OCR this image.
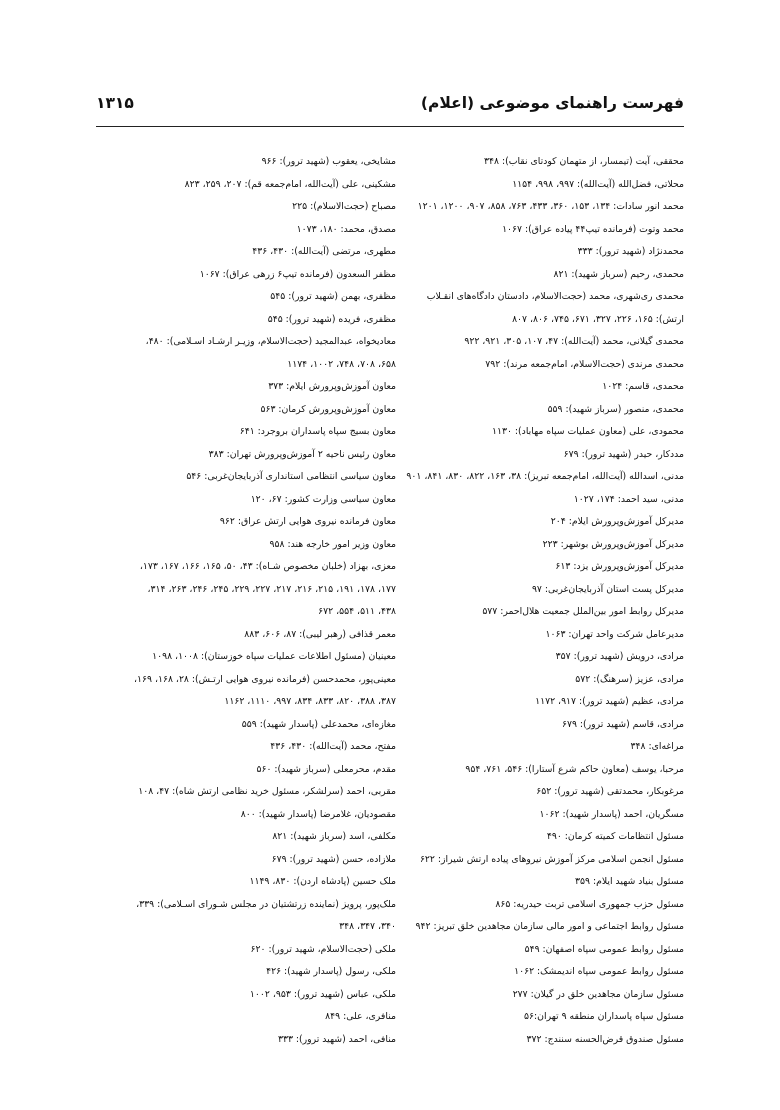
فهرست راهنمای موضوعی (اعلام)
۱۳۱۵
محققی، آیت (تیمسار، از متهمان کودتای نقاب): ۳۴۸
محلاتی، فضل‌الله (آیت‌الله): ۹۹۷، ۹۹۸، ۱۱۵۴
محمد انور سادات: ۱۳۴، ۱۵۳، ۳۶۰، ۴۳۳، ۷۶۳، ۸۵۸، ۹۰۷، ۱۲۰۰، ۱۲۰۱
محمد وتوت (فرمانده تیپ۴۴ پیاده عراق): ۱۰۶۷
محمدنژاد (شهید ترور): ۳۳۳
محمدی، رحیم (سرباز شهید): ۸۲۱
محمدی ری‌شهری، محمد (حجت‌الاسلام، دادستان دادگاه‌های انقـلاب
ارتش): ۱۶۵، ۲۲۶، ۳۲۷، ۶۷۱، ۷۴۵، ۸۰۶، ۸۰۷
محمدی گیلانی، محمد (آیت‌الله): ۴۷، ۱۰۷، ۳۰۵، ۹۲۱، ۹۲۲
محمدی مرندی (حجت‌الاسلام، امام‌جمعه مرند): ۷۹۲
محمدی، قاسم: ۱۰۲۴
محمدی، منصور (سرباز شهید): ۵۵۹
محمودی، علی (معاون عملیات سپاه مهاباد): ۱۱۳۰
مددکار، حیدر (شهید ترور): ۶۷۹
مدنی، اسدالله (آیت‌الله، امام‌جمعه تبریز): ۳۸، ۱۶۳، ۸۲۲، ۸۳۰، ۸۴۱، ۹۰۱
مدنی، سید احمد: ۱۷۴، ۱۰۲۷
مدیرکل آموزش‌وپرورش ایلام: ۲۰۴
مدیرکل آموزش‌وپرورش بوشهر: ۲۲۳
مدیرکل آموزش‌وپرورش یزد: ۶۱۳
مدیرکل پست استان آذربایجان‌غربی: ۹۷
مدیرکل روابط امور بین‌الملل جمعیت هلال‌احمر: ۵۷۷
مدیرعامل شرکت واحد تهران: ۱۰۶۳
مرادی، درویش (شهید ترور): ۳۵۷
مرادی، عزیز (سرهنگ): ۵۷۲
مرادی، عظیم (شهید ترور): ۹۱۷، ۱۱۷۲
مرادی، قاسم (شهید ترور): ۶۷۹
مراغه‌ای: ۳۴۸
مرحبا، یوسف (معاون حاکم شرع آستارا): ۵۴۶، ۷۶۱، ۹۵۴
مرغوبکار، محمدتقی (شهید ترور): ۶۵۲
مسگریان، احمد (پاسدار شهید): ۱۰۶۲
مسئول انتظامات کمیته کرمان: ۴۹۰
مسئول انجمن اسلامی مرکز آموزش نیروهای پیاده ارتش شیراز: ۶۲۲
مسئول بنیاد شهید ایلام: ۳۵۹
مسئول حزب جمهوری اسلامی تربت حیدریه: ۸۶۵
مسئول روابط اجتماعی و امور مالی سازمان مجاهدین خلق تبریز: ۹۴۲
مسئول روابط عمومی سپاه اصفهان: ۵۴۹
مسئول روابط عمومی سپاه اندیمشک: ۱۰۶۲
مسئول سازمان مجاهدین خلق در گیلان: ۲۷۷
مسئول سپاه پاسداران منطقه ۹ تهران:۵۶
مسئول صندوق قرض‌الحسنه سنندج: ۳۷۲
مشایخی، یعقوب (شهید ترور): ۹۶۶
مشکینی، علی (آیت‌الله، امام‌جمعه قم): ۲۰۷، ۲۵۹، ۸۲۳
مصباح (حجت‌الاسلام): ۲۲۵
مصدق، محمد: ۱۸۰، ۱۰۷۳
مطهری، مرتضی (آیت‌الله): ۴۳۰، ۴۳۶
مظفر السعدون (فرمانده تیپ۶ زرهی عراق): ۱۰۶۷
مظفری، بهمن (شهید ترور): ۵۴۵
مظفری، فریده (شهید ترور): ۵۴۵
معادیخواه، عبدالمجید (حجت‌الاسلام، وزیـر ارشـاد اسـلامی): ۴۸۰،
۶۵۸، ۷۰۸، ۷۴۸، ۱۰۰۲، ۱۱۷۴
معاون آموزش‌وپرورش ایلام: ۳۷۳
معاون آموزش‌وپرورش کرمان: ۵۶۳
معاون بسیج سپاه پاسداران بروجرد: ۶۴۱
معاون رئیس ناحیه ۲ آموزش‌وپرورش تهران: ۳۸۳
معاون سیاسی انتظامی استانداری آذربایجان‌غربی: ۵۴۶
معاون سیاسی وزارت کشور: ۶۷، ۱۲۰
معاون فرمانده نیروی هوایی ارتش عراق: ۹۶۲
معاون وزیر امور خارجه هند: ۹۵۸
معزی، بهزاد (خلبان مخصوص شـاه): ۴۳، ۵۰، ۱۶۵، ۱۶۶، ۱۶۷، ۱۷۳،
۱۷۷، ۱۷۸، ۱۹۱، ۲۱۵، ۲۱۶، ۲۱۷، ۲۲۷، ۲۲۹، ۲۴۵، ۲۴۶، ۲۶۳، ۳۱۴،
۴۳۸، ۵۱۱، ۵۵۴، ۶۷۲
معمر قذافی (رهبر لیبی): ۸۷، ۶۰۶، ۸۸۳
معینیان (مسئول اطلاعات عملیات سپاه خوزستان): ۱۰۰۸، ۱۰۹۸
معینی‌پور، محمدحسن (فرمانده نیروی هوایی ارتـش): ۲۸، ۱۶۸، ۱۶۹،
۳۸۷، ۳۸۸، ۸۲۰، ۸۳۳، ۸۳۴، ۹۹۷، ۱۱۱۰، ۱۱۶۲
مغازه‌ای، محمدعلی (پاسدار شهید): ۵۵۹
مفتح، محمد (آیت‌الله): ۴۳۰، ۴۳۶
مقدم، محرمعلی (سرباز شهید): ۵۶۰
مقربی، احمد (سرلشکر، مسئول خرید نظامی ارتش شاه): ۴۷، ۱۰۸
مقصودیان، غلامرضا (پاسدار شهید): ۸۰۰
مکلفی، اسد (سرباز شهید): ۸۲۱
ملازاده، حسن (شهید ترور): ۶۷۹
ملک حسین (پادشاه اردن): ۸۳۰، ۱۱۴۹
ملک‌پور، پرویز (نماینده زرتشتیان در مجلس شـورای اسـلامی): ۳۳۹،
۳۴۰، ۳۴۷، ۳۴۸
ملکی (حجت‌الاسلام، شهید ترور): ۶۲۰
ملکی، رسول (پاسدار شهید): ۴۲۶
ملکی، عباس (شهید ترور): ۹۵۳، ۱۰۰۲
منافری، علی: ۸۴۹
منافی، احمد (شهید ترور): ۳۳۳
